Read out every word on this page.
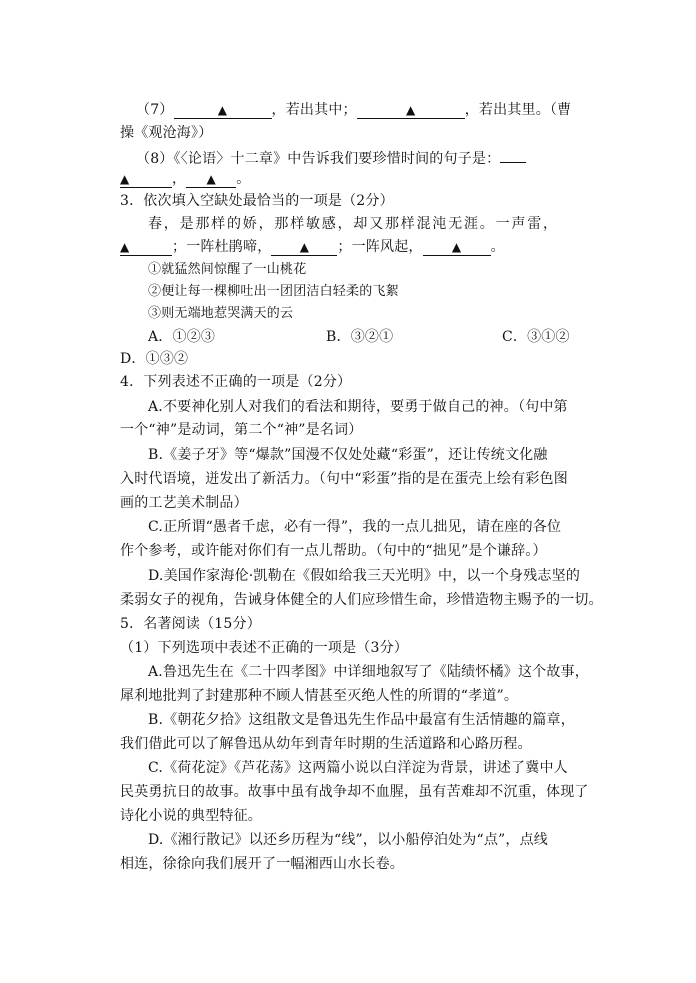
（7）	▲	，若出其中；	▲	，若出其里。（曹
操《观沧海》）
（8）《〈论语〉十二章》中告诉我们要珍惜时间的句子是：
▲	， ▲ 。
3．依次填入空缺处最恰当的一项是（2分）
春，是那样的娇，那样敏感，却又那样混沌无涯。一声雷，
▲	；一阵杜鹃啼， ▲ ；一阵风起， ▲ 。
①就猛然间惊醒了一山桃花
②便让每一棵柳吐出一团团洁白轻柔的飞絮
③则无端地惹哭满天的云
A．①②③	B．③②①	C．③①②
D．①③②
4．下列表述不正确的一项是（2分）
A.不要神化别人对我们的看法和期待，要勇于做自己的神。（句中第
一个“神”是动词，第二个“神”是名词）
B.《姜子牙》等“爆款”国漫不仅处处藏“彩蛋”，还让传统文化融
入时代语境，迸发出了新活力。（句中“彩蛋”指的是在蛋壳上绘有彩色图
画的工艺美术制品）
C.正所谓“愚者千虑，必有一得”，我的一点儿拙见，请在座的各位
作个参考，或许能对你们有一点儿帮助。（句中的“拙见”是个谦辞。）
D.美国作家海伦·凯勒在《假如给我三天光明》中，以一个身残志坚的
柔弱女子的视角，告诫身体健全的人们应珍惜生命，珍惜造物主赐予的一切。
5．名著阅读（15分）
（1）下列选项中表述不正确的一项是（3分）
A.鲁迅先生在《二十四孝图》中详细地叙写了《陆绩怀橘》这个故事，
犀利地批判了封建那种不顾人情甚至灭绝人性的所谓的“孝道”。
B.《朝花夕拾》这组散文是鲁迅先生作品中最富有生活情趣的篇章，
我们借此可以了解鲁迅从幼年到青年时期的生活道路和心路历程。
C.《荷花淀》《芦花荡》这两篇小说以白洋淀为背景，讲述了冀中人
民英勇抗日的故事。故事中虽有战争却不血腥，虽有苦难却不沉重，体现了
诗化小说的典型特征。
D.《湘行散记》以还乡历程为“线”，以小船停泊处为“点”，点线
相连，徐徐向我们展开了一幅湘西山水长卷。
